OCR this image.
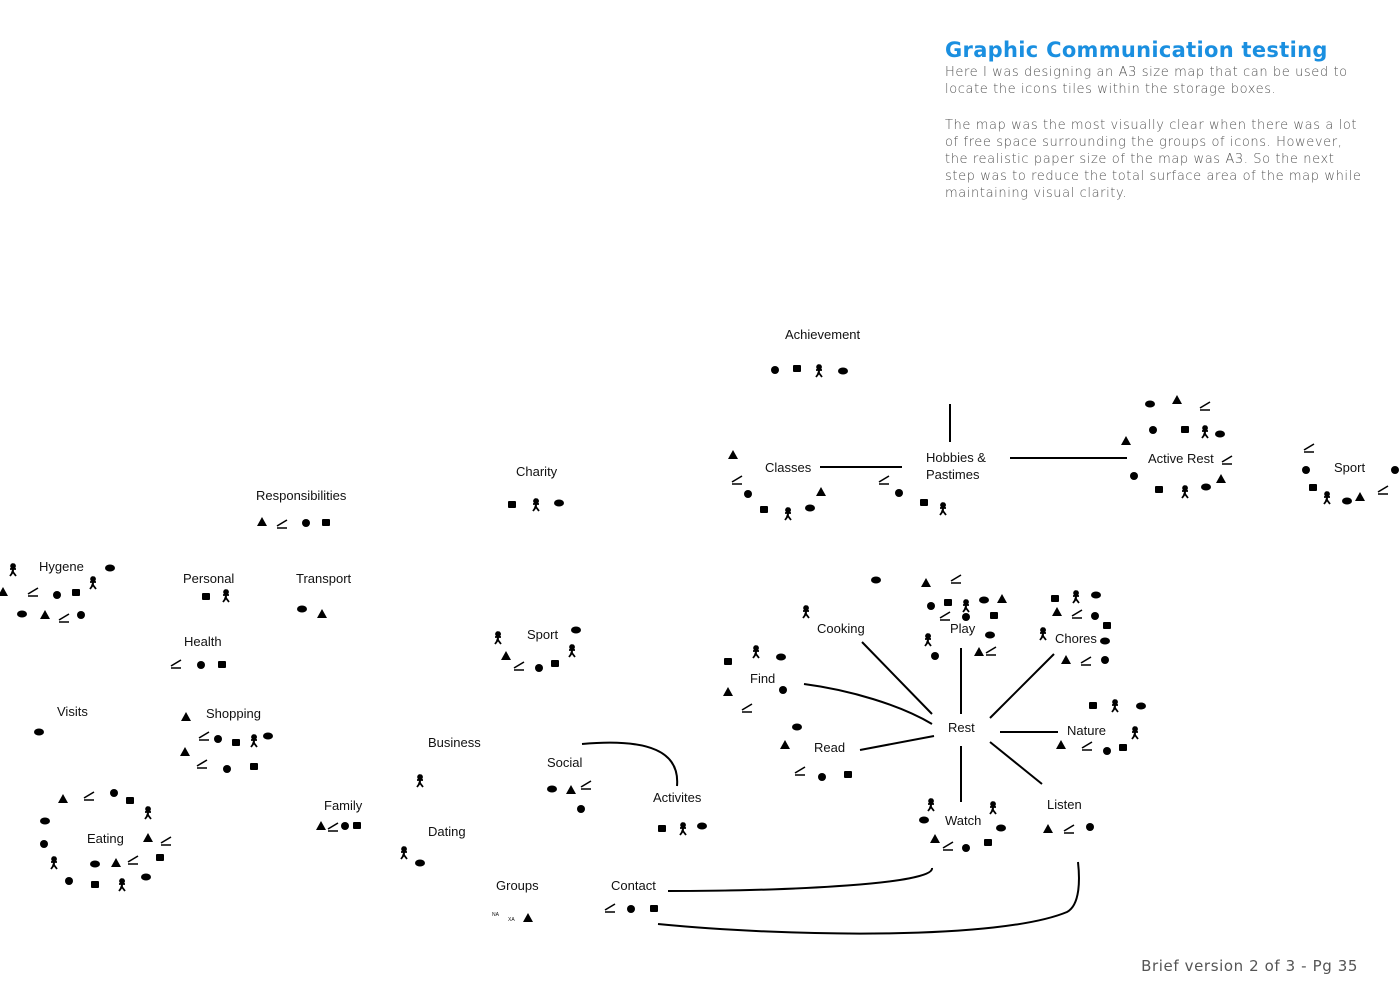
Graphic Communication testing
Here I was designing an A3 size map that can be used to locate the icons tiles within the storage boxes.
The map was the most visually clear when there was a lot of free space surrounding the groups of icons. However, the realistic paper size of the map was A3. So the next step was to reduce the total surface area of the map while maintaining visual clarity.
Achievement
Classes
Hobbies &
Pastimes
Active Rest
Sport
Charity
Responsibilities
Hygene
Personal	Transport
Health	Sport
Visits	Shopping
Business
Social
Activites
Eating
Family
Dating
Groups	Contact
Cooking	Play
Chores
Find
Rest	Nature
Read
Watch
Listen
NA
XA
Brief version 2 of 3 - Pg 35
